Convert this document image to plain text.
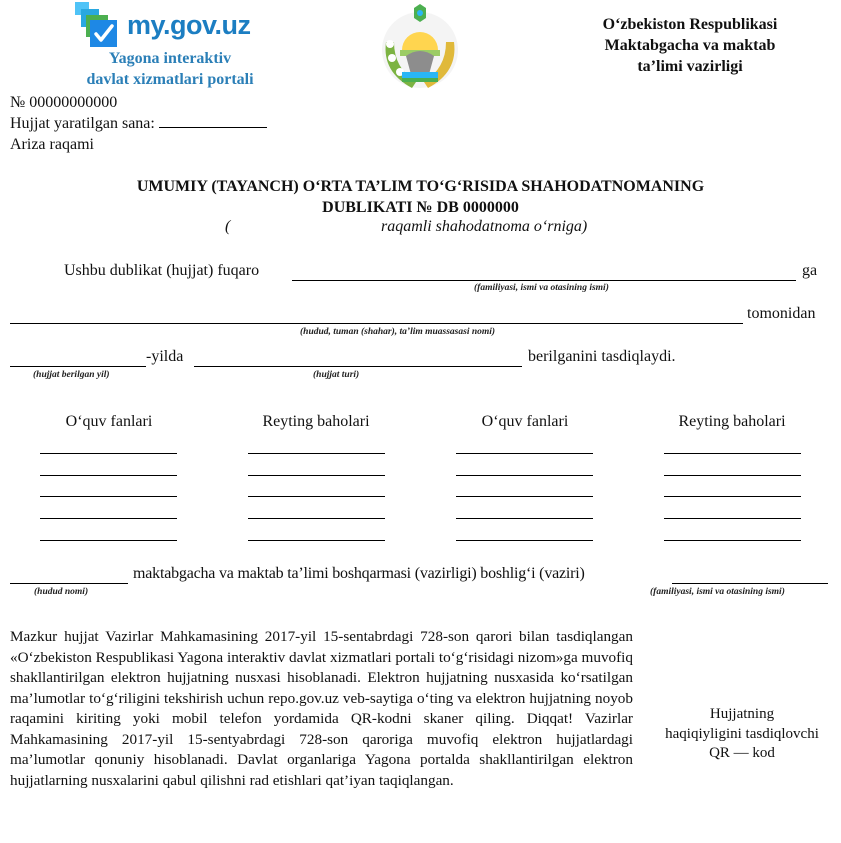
my.gov.uz
Yagona interaktiv
davlat xizmatlari portali
№ 00000000000
Hujjat yaratilgan sana:
Ariza raqami
O‘zbekiston Respublikasi
Maktabgacha va maktab
ta’limi vazirligi
UMUMIY (TAYANCH) O‘RTA TA’LIM TO‘G‘RISIDA SHAHODATNOMANING
DUBLIKATI № DB 0000000
(	raqamli shahodatnoma o‘rniga)
Ushbu dublikat (hujjat) fuqaro	ga
(familiyasi, ismi va otasining ismi)
tomonidan
(hudud, tuman (shahar), ta’lim muassasasi nomi)
-yilda	berilganini tasdiqlaydi.
(hujjat berilgan yil)	(hujjat turi)
O‘quv fanlari	Reyting baholari	O‘quv fanlari	Reyting baholari
maktabgacha va maktab ta’limi boshqarmasi (vazirligi) boshlig‘i (vaziri)
(hudud nomi)	(familiyasi, ismi va otasining ismi)
Mazkur hujjat Vazirlar Mahkamasining 2017-yil 15-sentabrdagi 728-son qarori bilan tasdiqlangan «O‘zbekiston Respublikasi Yagona interaktiv davlat xizmatlari portali to‘g‘risidagi nizom»ga muvofiq shakllantirilgan elektron hujjatning nusxasi hisoblanadi. Elektron hujjatning nusxasida ko‘rsatilgan ma’lumotlar to‘g‘riligini tekshirish uchun repo.gov.uz veb-saytiga o‘ting va elektron hujjatning noyob raqamini kiriting yoki mobil telefon yordamida QR-kodni skaner qiling. Diqqat! Vazirlar Mahkamasining 2017-yil 15-sentyabrdagi 728-son qaroriga muvofiq elektron hujjatlardagi ma’lumotlar qonuniy hisoblanadi. Davlat organlariga Yagona portalda shakllantirilgan elektron hujjatlarning nusxalarini qabul qilishni rad etishlari qat’iyan taqiqlangan.
Hujjatning
haqiqiyligini tasdiqlovchi
QR — kod
